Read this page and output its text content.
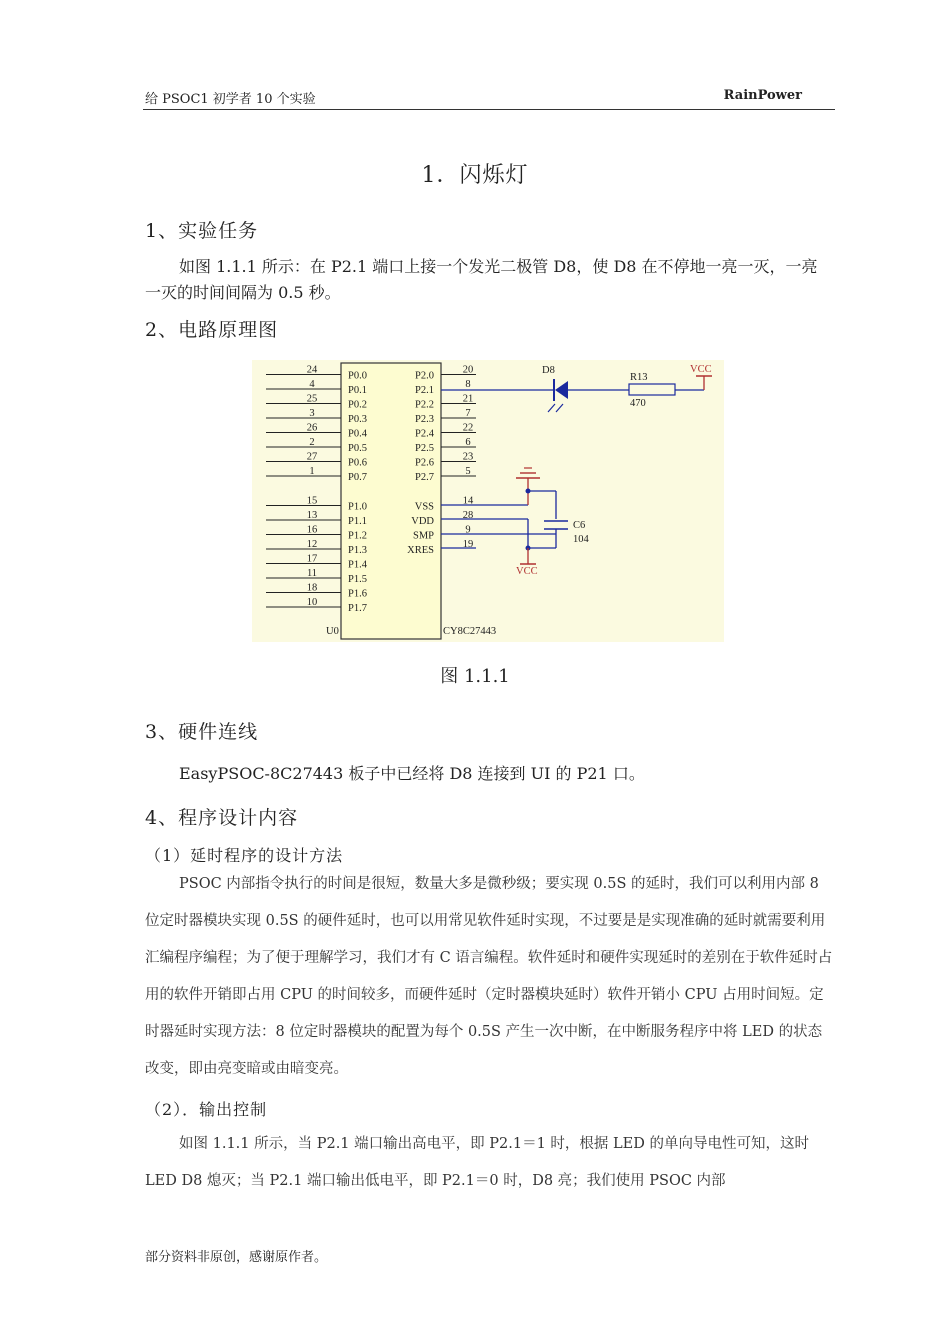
给 PSOC1 初学者 10 个实验	RainPower
1．闪烁灯
1、实验任务
如图 1.1.1 所示：在 P2.1 端口上接一个发光二极管 D8，使 D8 在不停地一亮一灭，一亮一灭的时间间隔为 0.5 秒。
2、电路原理图
24
P0.0
4
P0.1
25
P0.2
3
P0.3
26
P0.4
2
P0.5
27
P0.6
1
P0.7
15
P1.0
13
P1.1
16
P1.2
12
P1.3
17
P1.4
11
P1.5
18
P1.6
10
P1.7
20
P2.0
8
P2.1
21
P2.2
7
P2.3
22
P2.4
6
P2.5
23
P2.6
5
P2.7
14
VSS
28
VDD
9
SMP
19
XRES
U0	CY8C27443
D8
R13
470
VCC
C6
104
VCC
图 1.1.1
3、硬件连线
EasyPSOC-8C27443 板子中已经将 D8 连接到 UI 的 P21 口。
4、程序设计内容
（1）延时程序的设计方法
PSOC 内部指令执行的时间是很短，数量大多是微秒级；要实现 0.5S 的延时，我们可以利用内部 8 位定时器模块实现 0.5S 的硬件延时，也可以用常见软件延时实现，不过要是是实现准确的延时就需要利用汇编程序编程；为了便于理解学习，我们才有 C 语言编程。软件延时和硬件实现延时的差别在于软件延时占用的软件开销即占用 CPU 的时间较多，而硬件延时（定时器模块延时）软件开销小 CPU 占用时间短。定时器延时实现方法：8 位定时器模块的配置为每个 0.5S 产生一次中断，在中断服务程序中将 LED 的状态改变，即由亮变暗或由暗变亮。
（2）．输出控制
如图 1.1.1 所示，当 P2.1 端口输出高电平，即 P2.1＝1 时，根据 LED 的单向导电性可知，这时 LED D8 熄灭；当 P2.1 端口输出低电平，即 P2.1＝0 时，D8 亮；我们使用 PSOC 内部
部分资料非原创，感谢原作者。
